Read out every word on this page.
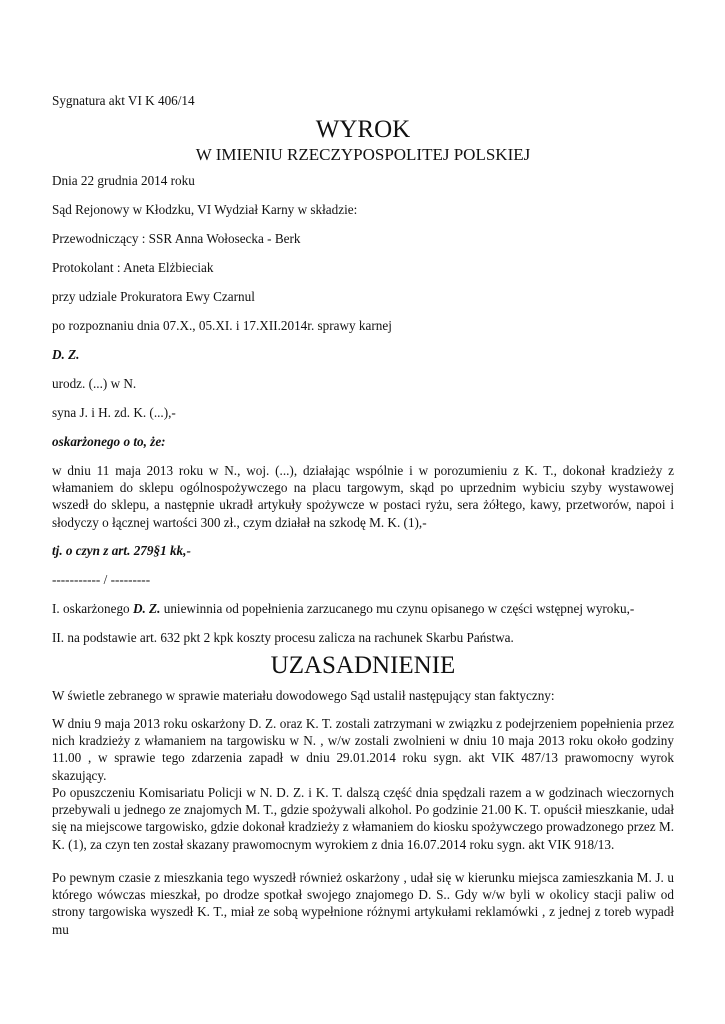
Sygnatura akt VI K 406/14
WYROK
W IMIENIU RZECZYPOSPOLITEJ POLSKIEJ
Dnia 22 grudnia 2014 roku
Sąd Rejonowy w Kłodzku, VI Wydział Karny w składzie:
Przewodniczący : SSR Anna Wołosecka - Berk
Protokolant : Aneta Elżbieciak
przy udziale Prokuratora Ewy Czarnul
po rozpoznaniu dnia 07.X., 05.XI. i 17.XII.2014r. sprawy karnej
D. Z.
urodz. (...) w N.
syna J. i H. zd. K. (...),-
oskarżonego o to, że:
w dniu 11 maja 2013 roku w N., woj. (...), działając wspólnie i w porozumieniu z K. T., dokonał kradzieży z włamaniem do sklepu ogólnospożywczego na placu targowym, skąd po uprzednim wybiciu szyby wystawowej wszedł do sklepu, a następnie ukradł artykuły spożywcze w postaci ryżu, sera żółtego, kawy, przetworów, napoi i słodyczy o łącznej wartości 300 zł., czym działał na szkodę M. K. (1),-
tj. o czyn z art. 279§1 kk,-
----------- / ---------
I. oskarżonego D. Z. uniewinnia od popełnienia zarzucanego mu czynu opisanego w części wstępnej wyroku,-
II. na podstawie art. 632 pkt 2 kpk koszty procesu zalicza na rachunek Skarbu Państwa.
UZASADNIENIE
W świetle zebranego w sprawie materiału dowodowego Sąd ustalił następujący stan faktyczny:
W dniu 9 maja 2013 roku oskarżony D. Z. oraz K. T. zostali zatrzymani w związku z podejrzeniem popełnienia przez nich kradzieży z włamaniem na targowisku w N. , w/w zostali zwolnieni w dniu 10 maja 2013 roku około godziny 11.00 , w sprawie tego zdarzenia zapadł w dniu 29.01.2014 roku sygn. akt VIK 487/13 prawomocny wyrok skazujący.
Po opuszczeniu Komisariatu Policji w N. D. Z. i K. T. dalszą część dnia spędzali razem a w godzinach wieczornych przebywali u jednego ze znajomych M. T., gdzie spożywali alkohol. Po godzinie 21.00 K. T. opuścił mieszkanie, udał się na miejscowe targowisko, gdzie dokonał kradzieży z włamaniem do kiosku spożywczego prowadzonego przez M. K. (1), za czyn ten został skazany prawomocnym wyrokiem z dnia 16.07.2014 roku sygn. akt VIK 918/13.
Po pewnym czasie z mieszkania tego wyszedł również oskarżony , udał się w kierunku miejsca zamieszkania M. J. u którego wówczas mieszkał, po drodze spotkał swojego znajomego D. S.. Gdy w/w byli w okolicy stacji paliw od strony targowiska wyszedł K. T., miał ze sobą wypełnione różnymi artykułami reklamówki , z jednej z toreb wypadł mu
